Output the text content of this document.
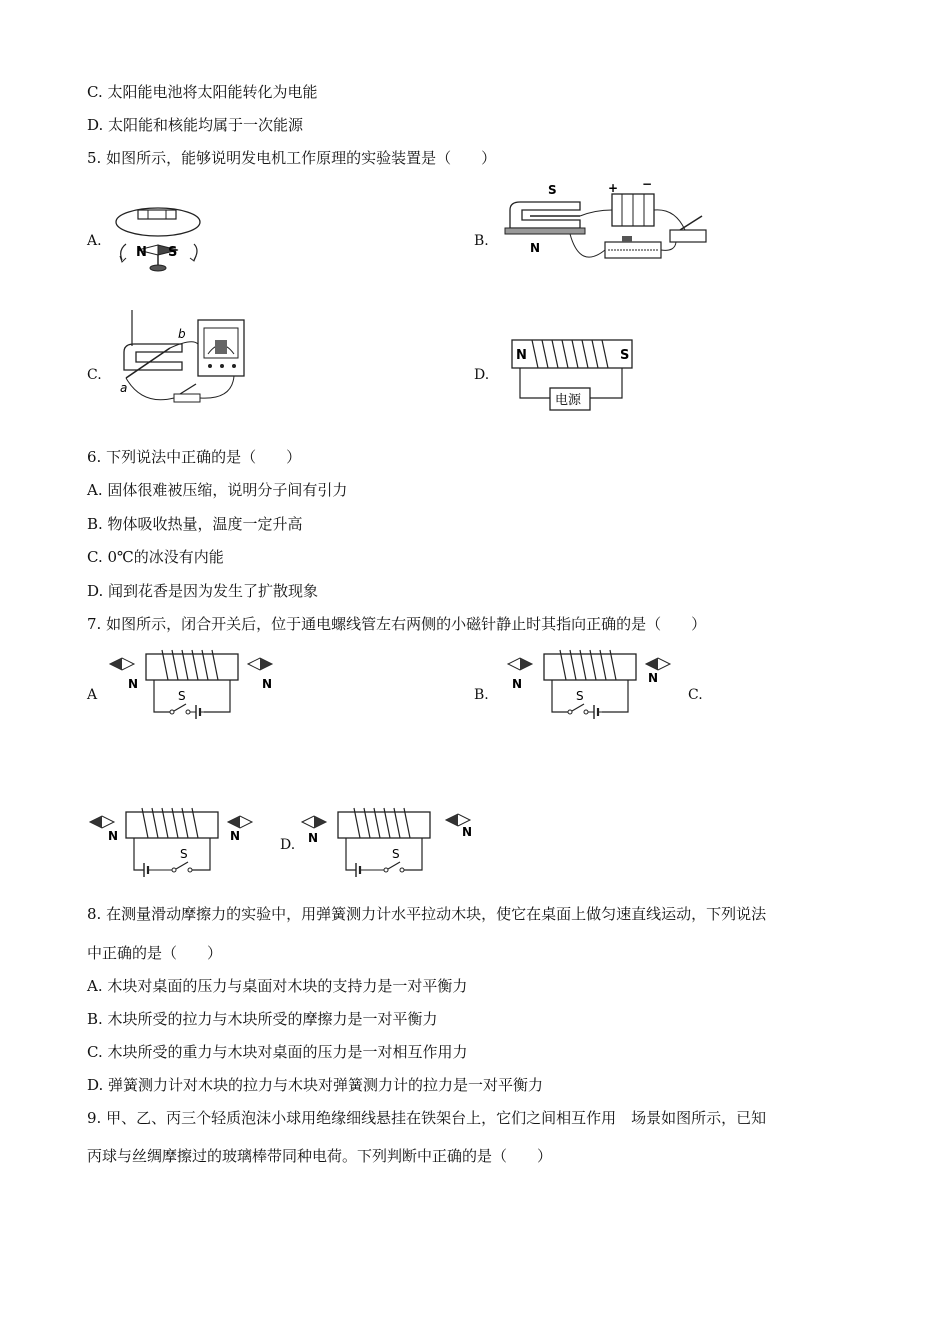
C. 太阳能电池将太阳能转化为电能
D. 太阳能和核能均属于一次能源
5. 如图所示，能够说明发电机工作原理的实验装置是（　　）
A.
N S
B.
S
N
+ −
C.
a
b
D.
N	S
电源
6. 下列说法中正确的是（　　）
A. 固体很难被压缩，说明分子间有引力
B. 物体吸收热量，温度一定升高
C. 0℃的冰没有内能
D. 闻到花香是因为发生了扩散现象
7. 如图所示，闭合开关后，位于通电螺线管左右两侧的小磁针静止时其指向正确的是（　　）
A
N	N
S	B.
N	N
S	C.
N	N
S
D. N	N
S
8. 在测量滑动摩擦力的实验中，用弹簧测力计水平拉动木块，使它在桌面上做匀速直线运动，下列说法
中正确的是（　　）
A. 木块对桌面的压力与桌面对木块的支持力是一对平衡力
B. 木块所受的拉力与木块所受的摩擦力是一对平衡力
C. 木块所受的重力与木块对桌面的压力是一对相互作用力
D. 弹簧测力计对木块的拉力与木块对弹簧测力计的拉力是一对平衡力
9. 甲、乙、丙三个轻质泡沫小球用绝缘细线悬挂在铁架台上，它们之间相互作用　场景如图所示，已知
丙球与丝绸摩擦过的玻璃棒带同种电荷。下列判断中正确的是（　　）
